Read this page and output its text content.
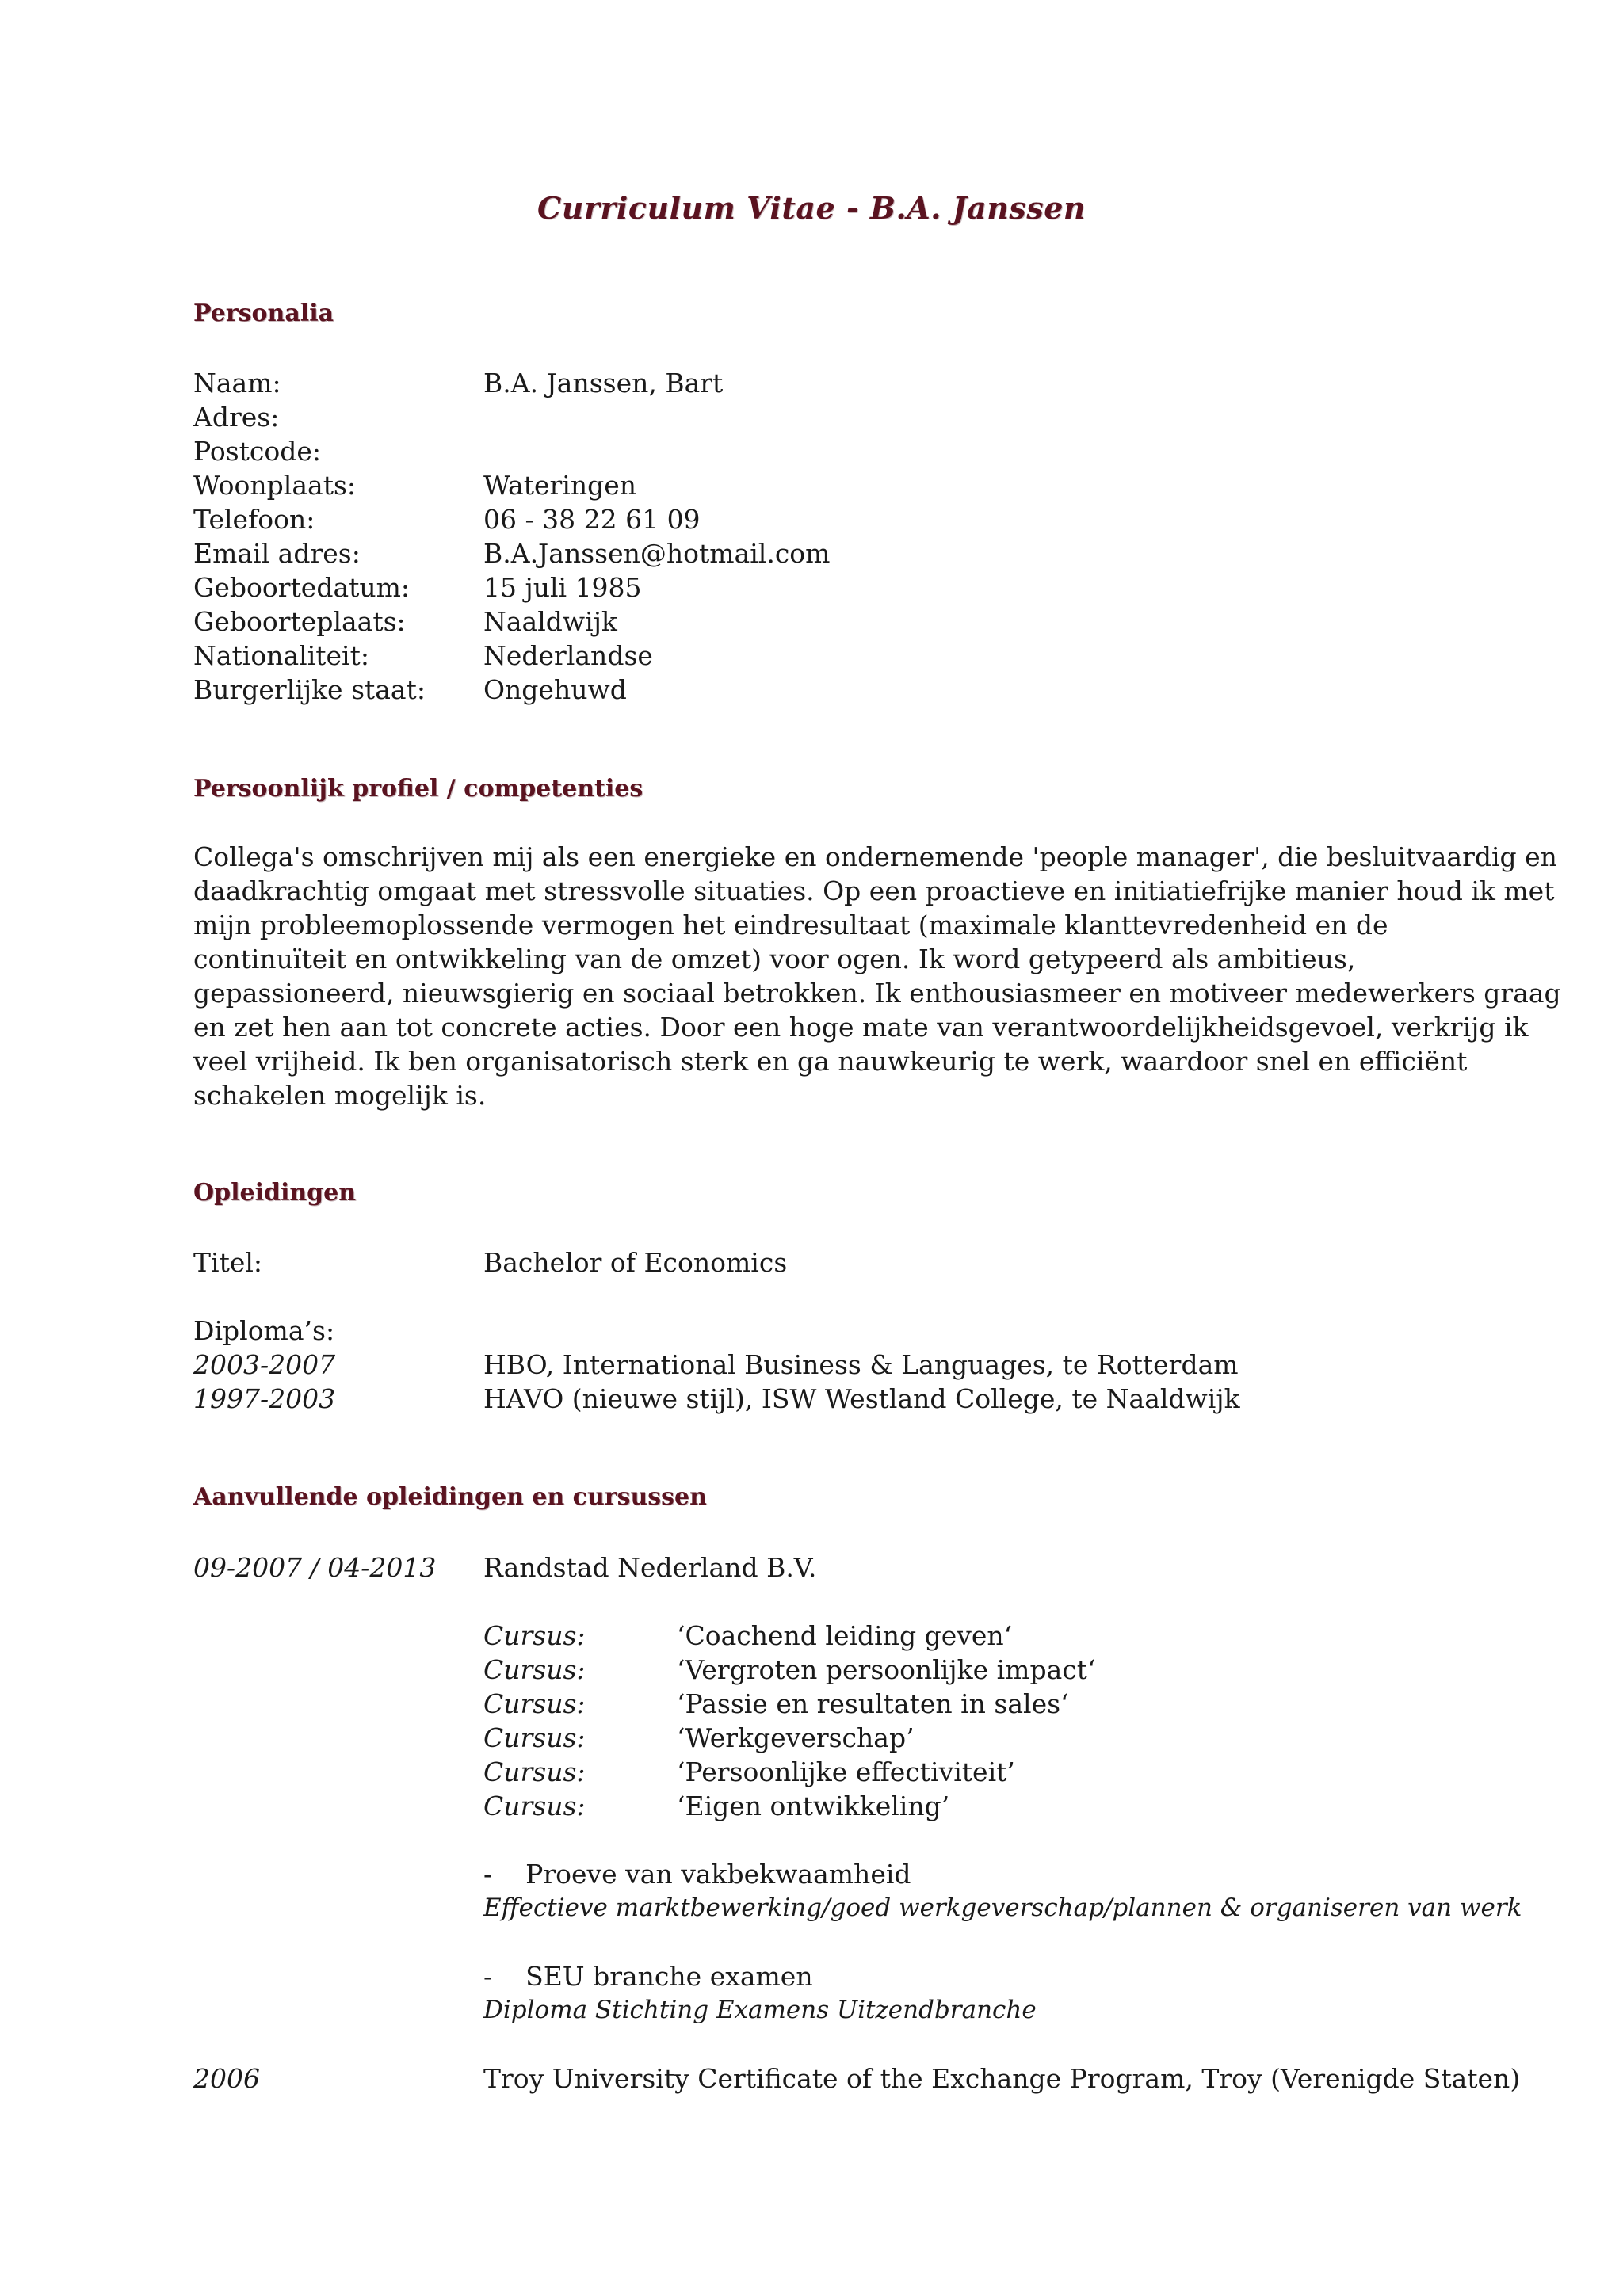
Curriculum Vitae - B.A. Janssen
Personalia
Naam:	B.A. Janssen, Bart
Adres:
Postcode:
Woonplaats:	Wateringen
Telefoon:	06 - 38 22 61 09
Email adres:	B.A.Janssen@hotmail.com
Geboortedatum:	15 juli 1985
Geboorteplaats:	Naaldwijk
Nationaliteit:	Nederlandse
Burgerlijke staat: Ongehuwd
Persoonlijk profiel / competenties
Collega's omschrijven mij als een energieke en ondernemende 'people manager', die besluitvaardig en
daadkrachtig omgaat met stressvolle situaties. Op een proactieve en initiatiefrijke manier houd ik met
mijn probleemoplossende vermogen het eindresultaat (maximale klanttevredenheid en de
continuïteit en ontwikkeling van de omzet) voor ogen. Ik word getypeerd als ambitieus,
gepassioneerd, nieuwsgierig en sociaal betrokken. Ik enthousiasmeer en motiveer medewerkers graag
en zet hen aan tot concrete acties. Door een hoge mate van verantwoordelijkheidsgevoel, verkrijg ik
veel vrijheid. Ik ben organisatorisch sterk en ga nauwkeurig te werk, waardoor snel en efficiënt
schakelen mogelijk is.
Opleidingen
Titel:	Bachelor of Economics
Diploma’s:
2003-2007	HBO, International Business & Languages, te Rotterdam
1997-2003	HAVO (nieuwe stijl), ISW Westland College, te Naaldwijk
Aanvullende opleidingen en cursussen
09-2007 / 04-2013 Randstad Nederland B.V.
Cursus:	‘Coachend leiding geven‘
Cursus:	‘Vergroten persoonlijke impact‘
Cursus:	‘Passie en resultaten in sales‘
Cursus:	‘Werkgeverschap’
Cursus:	‘Persoonlijke effectiviteit’
Cursus:	‘Eigen ontwikkeling’
-    Proeve van vakbekwaamheid
Effectieve marktbewerking/goed werkgeverschap/plannen & organiseren van werk
-    SEU branche examen
Diploma Stichting Examens Uitzendbranche
2006	Troy University Certificate of the Exchange Program, Troy (Verenigde Staten)
